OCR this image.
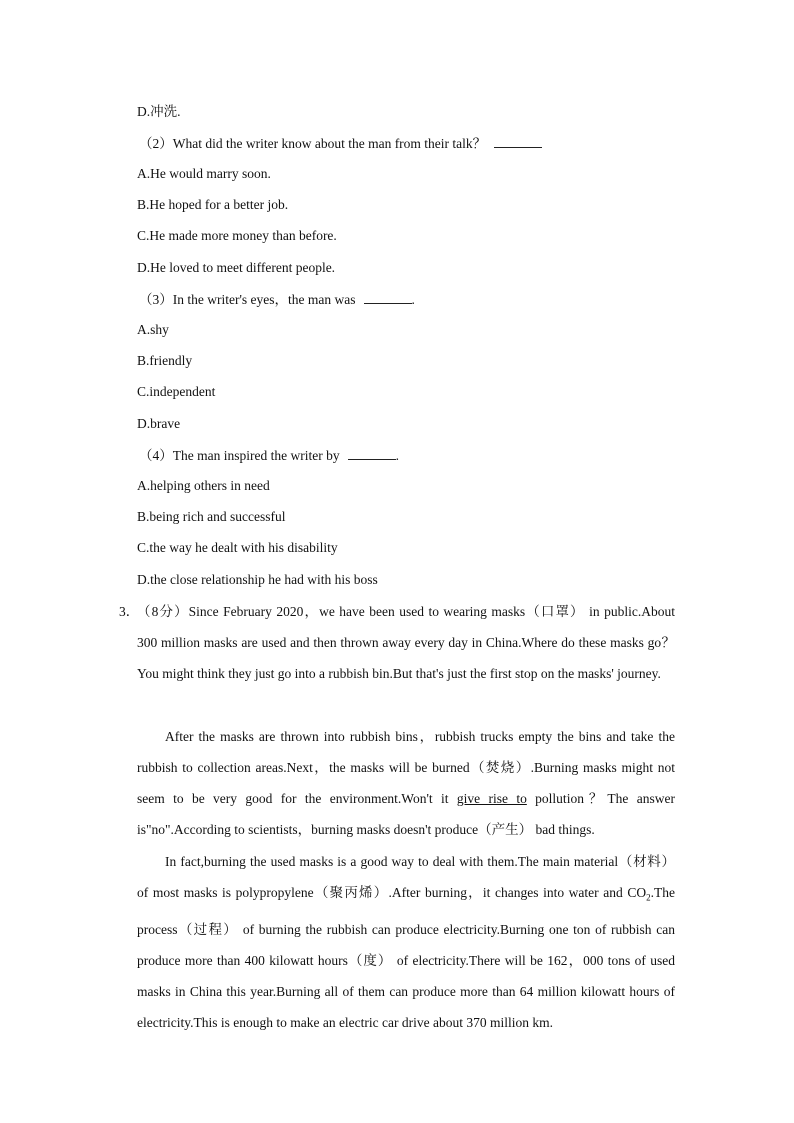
D.冲洗.
（2）What did the writer know about the man from their talk？
A.He would marry soon.
B.He hoped for a better job.
C.He made more money than before.
D.He loved to meet different people.
（3）In the writer's eyes，the man was	.
A.shy
B.friendly
C.independent
D.brave
（4）The man inspired the writer by	.
A.helping others in need
B.being rich and successful
C.the way he dealt with his disability
D.the close relationship he had with his boss
3．
（8分）Since February 2020，we have been used to wearing masks（口罩） in public.About 300 million masks are used and then thrown away every day in China.Where do these masks go？You might think they just go into a rubbish bin.But that's just the first stop on the masks' journey.
After the masks are thrown into rubbish bins，rubbish trucks empty the bins and take the rubbish to collection areas.Next，the masks will be burned（焚烧）.Burning masks might not seem to be very good for the environment.Won't it give rise to pollution？The answer is"no".According to scientists，burning masks doesn't produce（产生） bad things.
In fact,burning the used masks is a good way to deal with them.The main material（材料） of most masks is polypropylene（聚丙烯）.After burning，it changes into water and $CO_2.The$ process（过程） of burning the rubbish can produce electricity.Burning one ton of rubbish can produce more than 400 kilowatt hours（度） of electricity.There will be 162，000 tons of used masks in China this year.Burning all of them can produce more than 64 million kilowatt hours of electricity.This is enough to make an electric car drive about 370 million km.
